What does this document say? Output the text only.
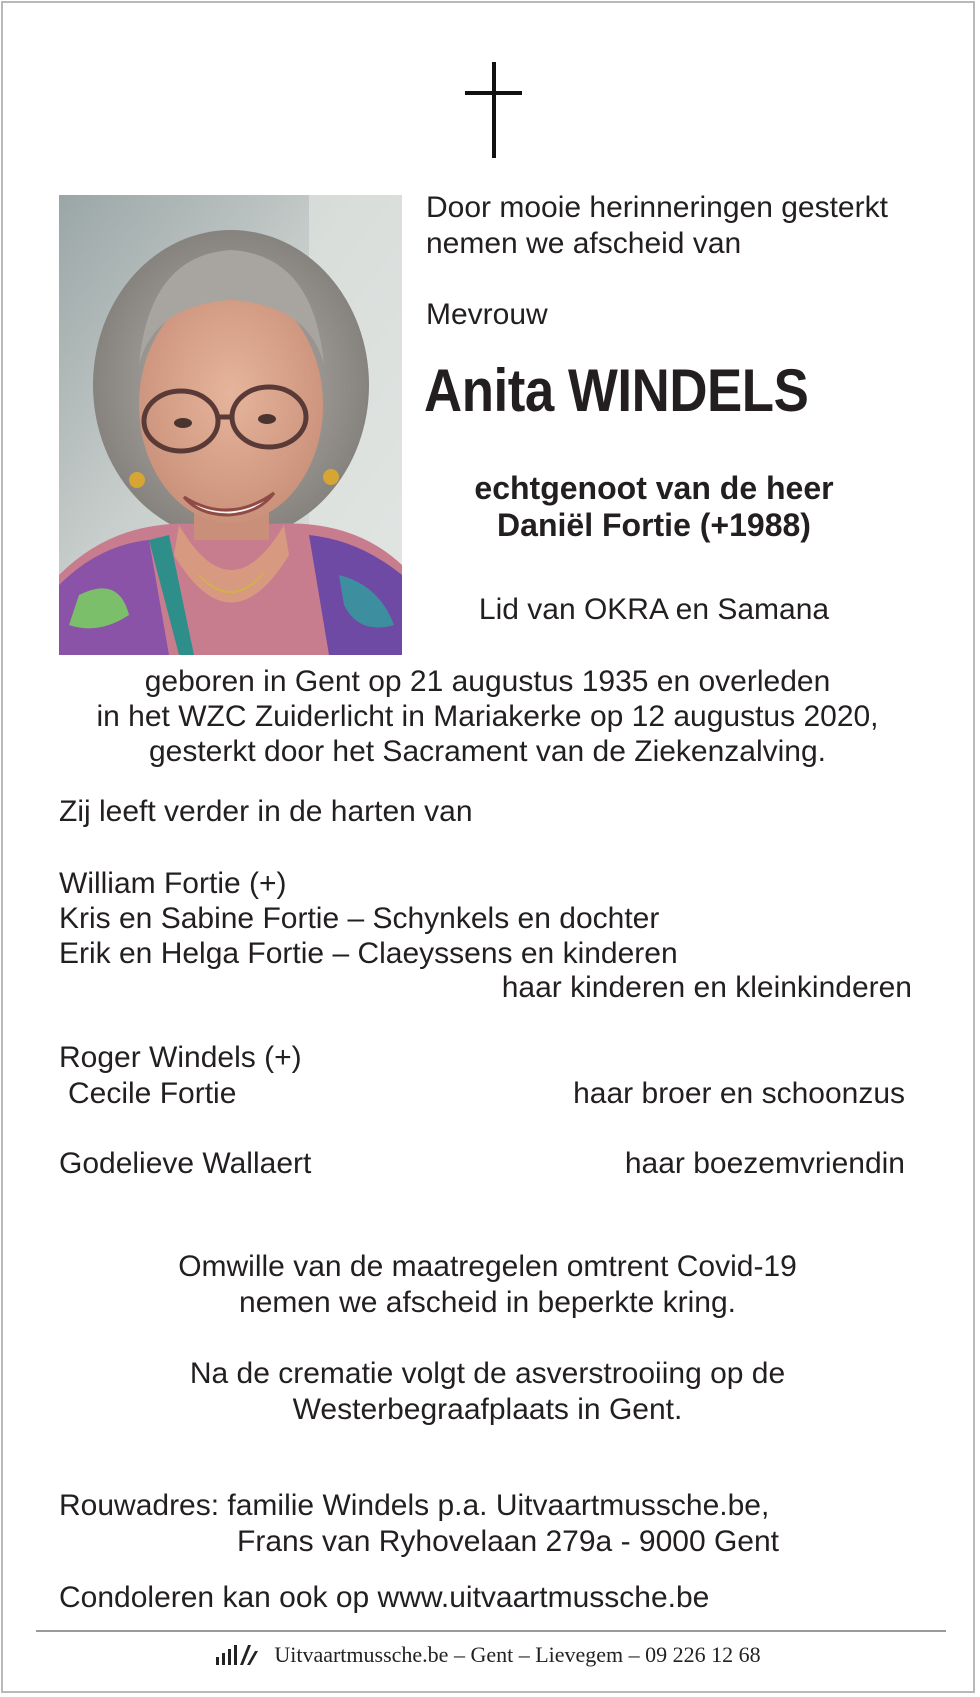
Door mooie herinneringen gesterkt
nemen we afscheid van
Mevrouw
Anita WINDELS
echtgenoot van de heer
Daniël Fortie (+1988)
Lid van OKRA en Samana
geboren in Gent op 21 augustus 1935 en overleden
in het WZC Zuiderlicht in Mariakerke op 12 augustus 2020,
gesterkt door het Sacrament van de Ziekenzalving.
Zij leeft verder in de harten van
William Fortie (+)
Kris en Sabine Fortie – Schynkels en dochter
Erik en Helga Fortie – Claeyssens en kinderen
haar kinderen en kleinkinderen
Roger Windels (+)
Cecile Fortie	haar broer en schoonzus
Godelieve Wallaert	haar boezemvriendin
Omwille van de maatregelen omtrent Covid-19
nemen we afscheid in beperkte kring.
Na de crematie volgt de asverstrooiing op de
Westerbegraafplaats in Gent.
Rouwadres: familie Windels p.a. Uitvaartmussche.be,
Frans van Ryhovelaan 279a - 9000 Gent
Condoleren kan ook op www.uitvaartmussche.be
Uitvaartmussche.be – Gent – Lievegem – 09 226 12 68
